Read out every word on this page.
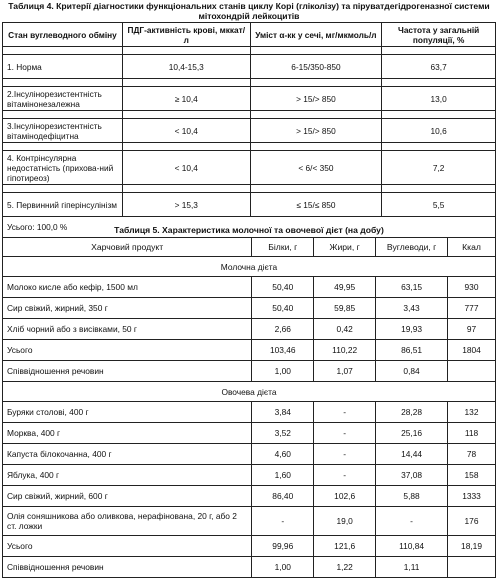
Таблиця 4. Критерії діагностики функціональних станів циклу Корі (гліколізу) та піруватдегідрогеназної системи мітохондрій лейкоцитів
Стан вуглеводного обміну	ПДГ-активність крові, мккат/л	Уміст α-кк у сечі, мг/мкмоль/л	Частота у загальній популяції, %

1. Норма	10,4-15,3	6-15/350-850	63,7

2.Інсулінорезистентність вітамінонезалежна	≥ 10,4	> 15/> 850	13,0

3.Інсулінорезистентність вітамінодефіцитна	< 10,4	> 15/> 850	10,6

4. Контрінсулярна недостатність (прихова-ний гіпотиреоз)	< 10,4	< 6/< 350	7,2

5. Первинний гіперінсулінізм	> 15,3	≤ 15/≤ 850	5,5
Усього: 100,0 %				Таблиця 5. Характеристика молочної та овочевої дієт (на добу)
Харчовий продукт	Білки, г	Жири, г	Вуглеводи, г	Ккал
Молочна дієта				
Молоко кисле або кефір, 1500 мл	50,40	49,95	63,15	930
Сир свіжий, жирний, 350 г	50,40	59,85	3,43	777
Хліб чорний або з висівками, 50 г	2,66	0,42	19,93	97
Усього	103,46	110,22	86,51	1804
Співвідношення речовин	1,00	1,07	0,84	
Овочева дієта				
Буряки столові, 400 г	3,84	-	28,28	132
Морква, 400 г	3,52	-	25,16	118
Капуста білокочанна, 400 г	4,60	-	14,44	78
Яблука, 400 г	1,60	-	37,08	158
Сир свіжий, жирний, 600 г	86,40	102,6	5,88	1333
Олія соняшникова або оливкова, нерафінована, 20 г, або 2 ст. ложки	-	19,0	-	176
Усього	99,96	121,6	110,84	18,19
Співвідношення речовин	1,00	1,22	1,11	
